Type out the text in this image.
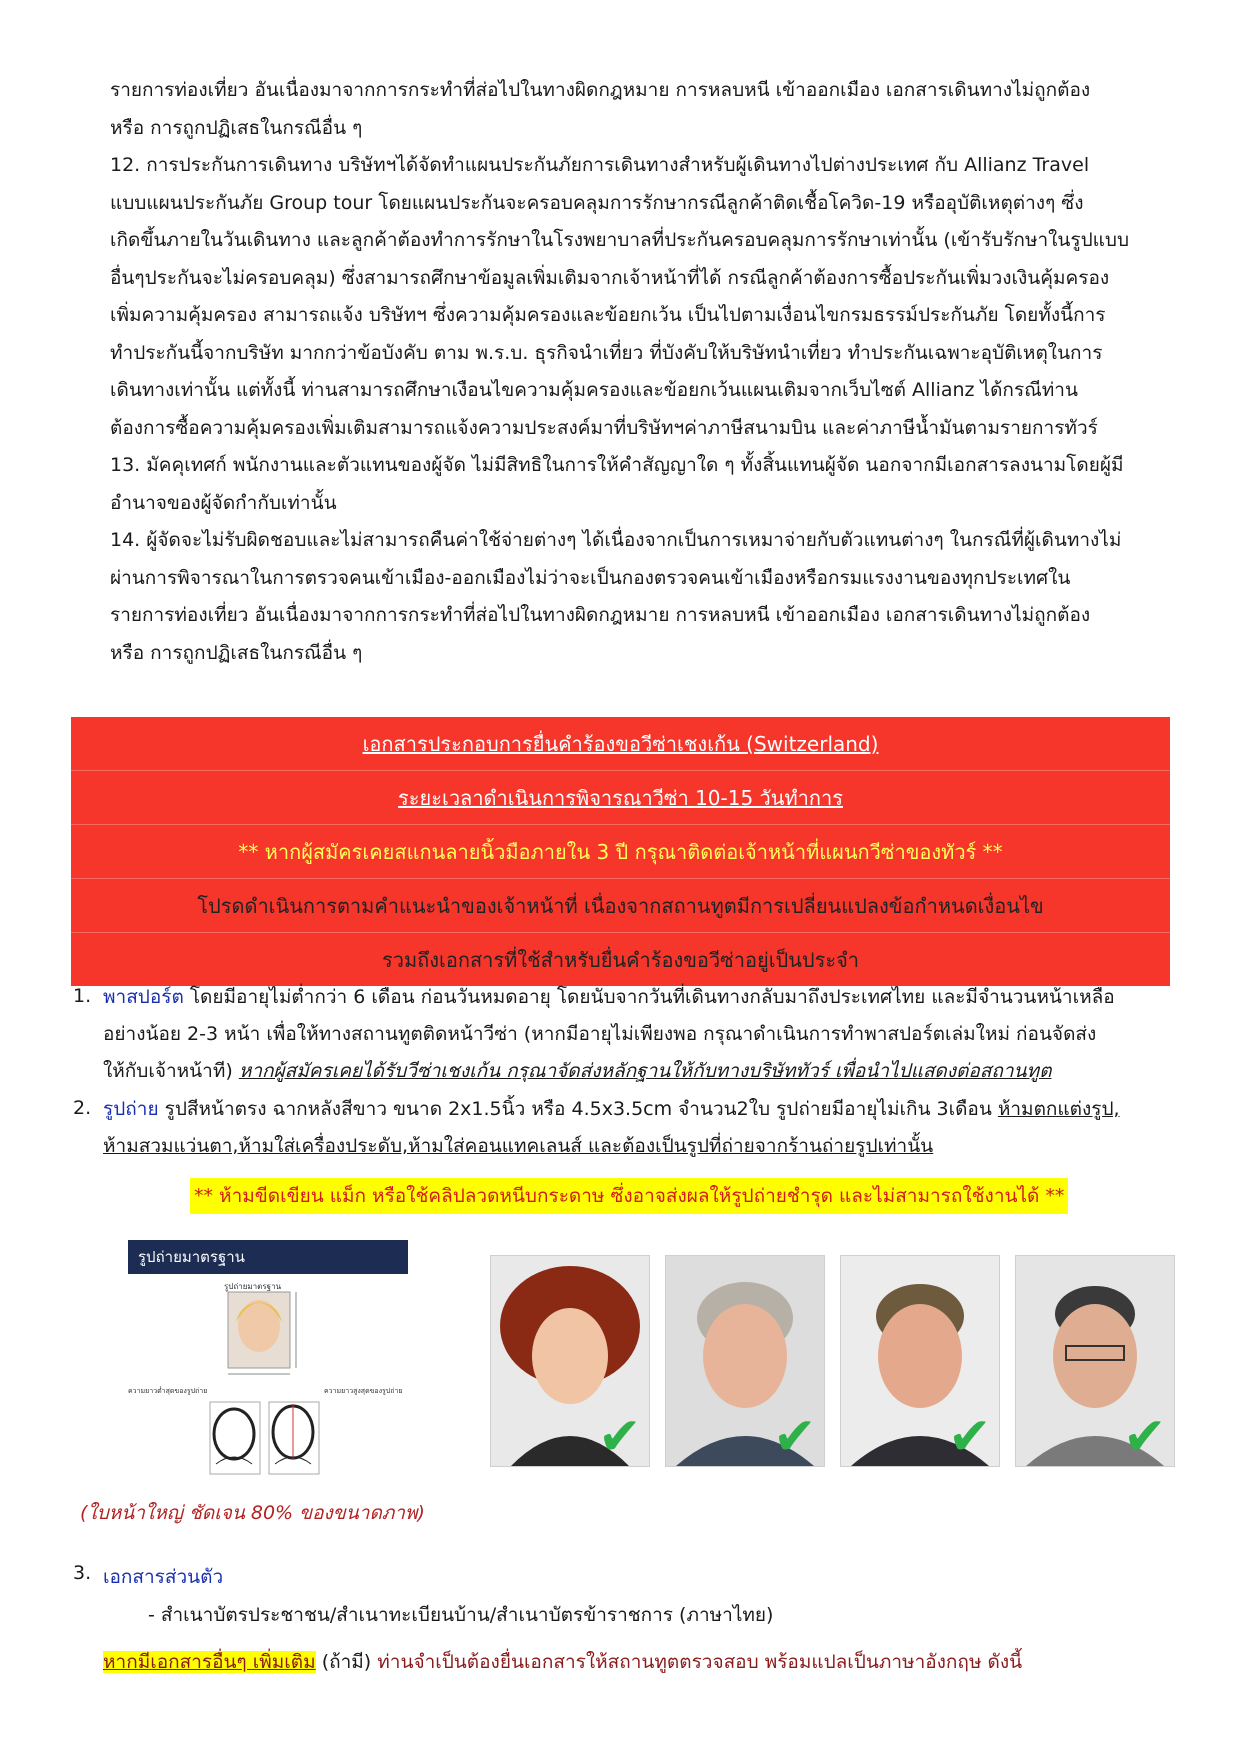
รายการท่องเที่ยว อันเนื่องมาจากการกระทำที่ส่อไปในทางผิดกฎหมาย การหลบหนี เข้าออกเมือง เอกสารเดินทางไม่ถูกต้อง

หรือ การถูกปฏิเสธในกรณีอื่น ๆ

12. การประกันการเดินทาง บริษัทฯได้จัดทำแผนประกันภัยการเดินทางสำหรับผู้เดินทางไปต่างประเทศ กับ Allianz Travel

แบบแผนประกันภัย Group tour โดยแผนประกันจะครอบคลุมการรักษากรณีลูกค้าติดเชื้อโควิด-19 หรืออุบัติเหตุต่างๆ ซึ่ง

เกิดขึ้นภายในวันเดินทาง และลูกค้าต้องทำการรักษาในโรงพยาบาลที่ประกันครอบคลุมการรักษาเท่านั้น (เข้ารับรักษาในรูปแบบ

อื่นๆประกันจะไม่ครอบคลุม) ซึ่งสามารถศึกษาข้อมูลเพิ่มเติมจากเจ้าหน้าที่ได้ กรณีลูกค้าต้องการซื้อประกันเพิ่มวงเงินคุ้มครอง

เพิ่มความคุ้มครอง สามารถแจ้ง บริษัทฯ ซึ่งความคุ้มครองและข้อยกเว้น เป็นไปตามเงื่อนไขกรมธรรม์ประกันภัย โดยทั้งนี้การ

ทำประกันนี้จากบริษัท มากกว่าข้อบังคับ ตาม พ.ร.บ. ธุรกิจนำเที่ยว ที่บังคับให้บริษัทนำเที่ยว ทำประกันเฉพาะอุบัติเหตุในการ

เดินทางเท่านั้น แต่ทั้งนี้ ท่านสามารถศึกษาเงือนไขความคุ้มครองและข้อยกเว้นแผนเติมจากเว็บไซต์ Allianz ได้กรณีท่าน

ต้องการซื้อความคุ้มครองเพิ่มเติมสามารถแจ้งความประสงค์มาที่บริษัทฯค่าภาษีสนามบิน และค่าภาษีน้ำมันตามรายการทัวร์

13. มัคคุเทศก์ พนักงานและตัวแทนของผู้จัด ไม่มีสิทธิในการให้คำสัญญาใด ๆ ทั้งสิ้นแทนผู้จัด นอกจากมีเอกสารลงนามโดยผู้มี

อำนาจของผู้จัดกำกับเท่านั้น

14. ผู้จัดจะไม่รับผิดชอบและไม่สามารถคืนค่าใช้จ่ายต่างๆ ได้เนื่องจากเป็นการเหมาจ่ายกับตัวแทนต่างๆ ในกรณีที่ผู้เดินทางไม่

ผ่านการพิจารณาในการตรวจคนเข้าเมือง-ออกเมืองไม่ว่าจะเป็นกองตรวจคนเข้าเมืองหรือกรมแรงงานของทุกประเทศใน

รายการท่องเที่ยว อันเนื่องมาจากการกระทำที่ส่อไปในทางผิดกฎหมาย การหลบหนี เข้าออกเมือง เอกสารเดินทางไม่ถูกต้อง

หรือ การถูกปฏิเสธในกรณีอื่น ๆ

เอกสารประกอบการยื่นคำร้องขอวีซ่าเชงเก้น (Switzerland)
ระยะเวลาดำเนินการพิจารณาวีซ่า 10-15 วันทำการ
** หากผู้สมัครเคยสแกนลายนิ้วมือภายใน 3 ปี กรุณาติดต่อเจ้าหน้าที่แผนกวีซ่าของทัวร์ **
โปรดดำเนินการตามคำแนะนำของเจ้าหน้าที่ เนื่องจากสถานทูตมีการเปลี่ยนแปลงข้อกำหนดเงื่อนไข
รวมถึงเอกสารที่ใช้สำหรับยื่นคำร้องขอวีซ่าอยู่เป็นประจำ
1. พาสปอร์ต โดยมีอายุไม่ต่ำกว่า 6 เดือน ก่อนวันหมดอายุ โดยนับจากวันที่เดินทางกลับมาถึงประเทศไทย และมีจำนวนหน้าเหลือ

อย่างน้อย 2-3 หน้า เพื่อให้ทางสถานทูตติดหน้าวีซ่า (หากมีอายุไม่เพียงพอ กรุณาดำเนินการทำพาสปอร์ตเล่มใหม่ ก่อนจัดส่ง

ให้กับเจ้าหน้าที) หากผู้สมัครเคยได้รับวีซ่าเชงเก้น กรุณาจัดส่งหลักฐานให้กับทางบริษัททัวร์ เพื่อนำไปแสดงต่อสถานทูต

2. รูปถ่าย รูปสีหน้าตรง ฉากหลังสีขาว ขนาด 2x1.5นิ้ว หรือ 4.5x3.5cm จำนวน2ใบ รูปถ่ายมีอายุไม่เกิน 3เดือน ห้ามตกแต่งรูป,

ห้ามสวมแว่นตา,ห้ามใส่เครื่องประดับ,ห้ามใส่คอนแทคเลนส์ และต้องเป็นรูปที่ถ่ายจากร้านถ่ายรูปเท่านั้น

** ห้ามขีดเขียน แม็ก หรือใช้คลิปลวดหนีบกระดาษ ซึ่งอาจส่งผลให้รูปถ่ายชำรุด และไม่สามารถใช้งานได้ **
รูปถ่ายมาตรฐาน
รูปถ่ายมาตรฐาน
ความยาวต่ำสุดของรูปถ่าย	ความยาวสูงสุดของรูปถ่าย
✔	✔	✔	✔
(ใบหน้าใหญ่ ชัดเจน 80% ของขนาดภาพ)
3. เอกสารส่วนตัว
- สำเนาบัตรประชาชน/สำเนาทะเบียนบ้าน/สำเนาบัตรข้าราชการ (ภาษาไทย)
หากมีเอกสารอื่นๆ เพิ่มเติม (ถ้ามี) ท่านจำเป็นต้องยื่นเอกสารให้สถานทูตตรวจสอบ พร้อมแปลเป็นภาษาอังกฤษ ดังนี้
